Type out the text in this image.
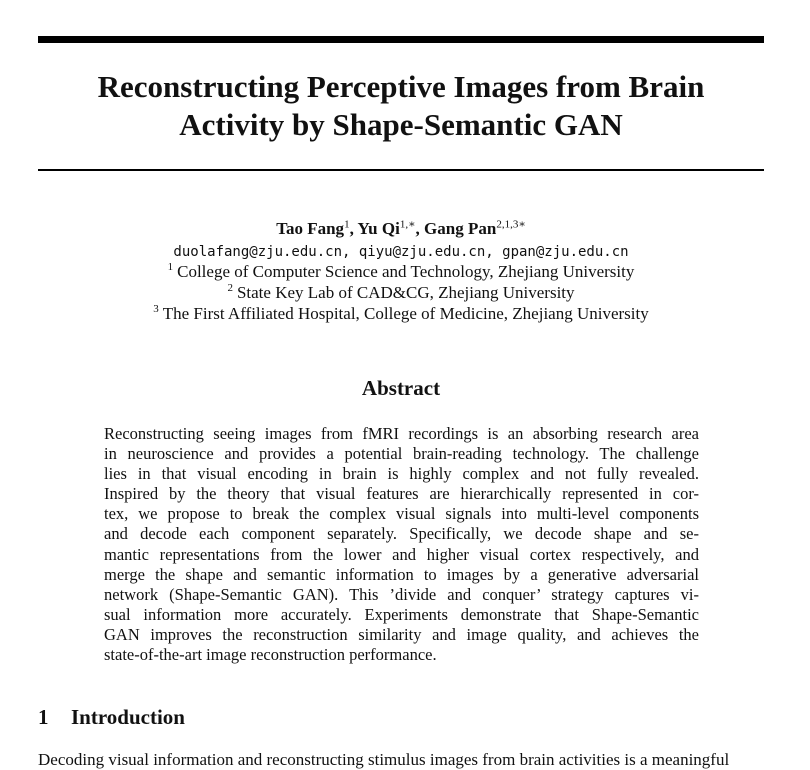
Reconstructing Perceptive Images from Brain
Activity by Shape-Semantic GAN
Tao Fang$^1$, Yu $Qi^{1,∗}$, Gang Pan$^{2,1,3∗}$
duolafang@zju.edu.cn, qiyu@zju.edu.cn, gpan@zju.edu.cn
$^1$ College of Computer Science and Technology, Zhejiang University
$^2$ State Key Lab of CAD&CG, Zhejiang University
$^3$ The First Affiliated Hospital, College of Medicine, Zhejiang University
Abstract
Reconstructing seeing images from fMRI recordings is an absorbing research area
in neuroscience and provides a potential brain-reading technology. The challenge
lies in that visual encoding in brain is highly complex and not fully revealed.
Inspired by the theory that visual features are hierarchically represented in cor-
tex, we propose to break the complex visual signals into multi-level components
and decode each component separately. Specifically, we decode shape and se-
mantic representations from the lower and higher visual cortex respectively, and
merge the shape and semantic information to images by a generative adversarial
network (Shape-Semantic GAN). This ’divide and conquer’ strategy captures vi-
sual information more accurately. Experiments demonstrate that Shape-Semantic
GAN improves the reconstruction similarity and image quality, and achieves the
state-of-the-art image reconstruction performance.
1 Introduction

Decoding visual information and reconstructing stimulus images from brain activities is a meaningful
